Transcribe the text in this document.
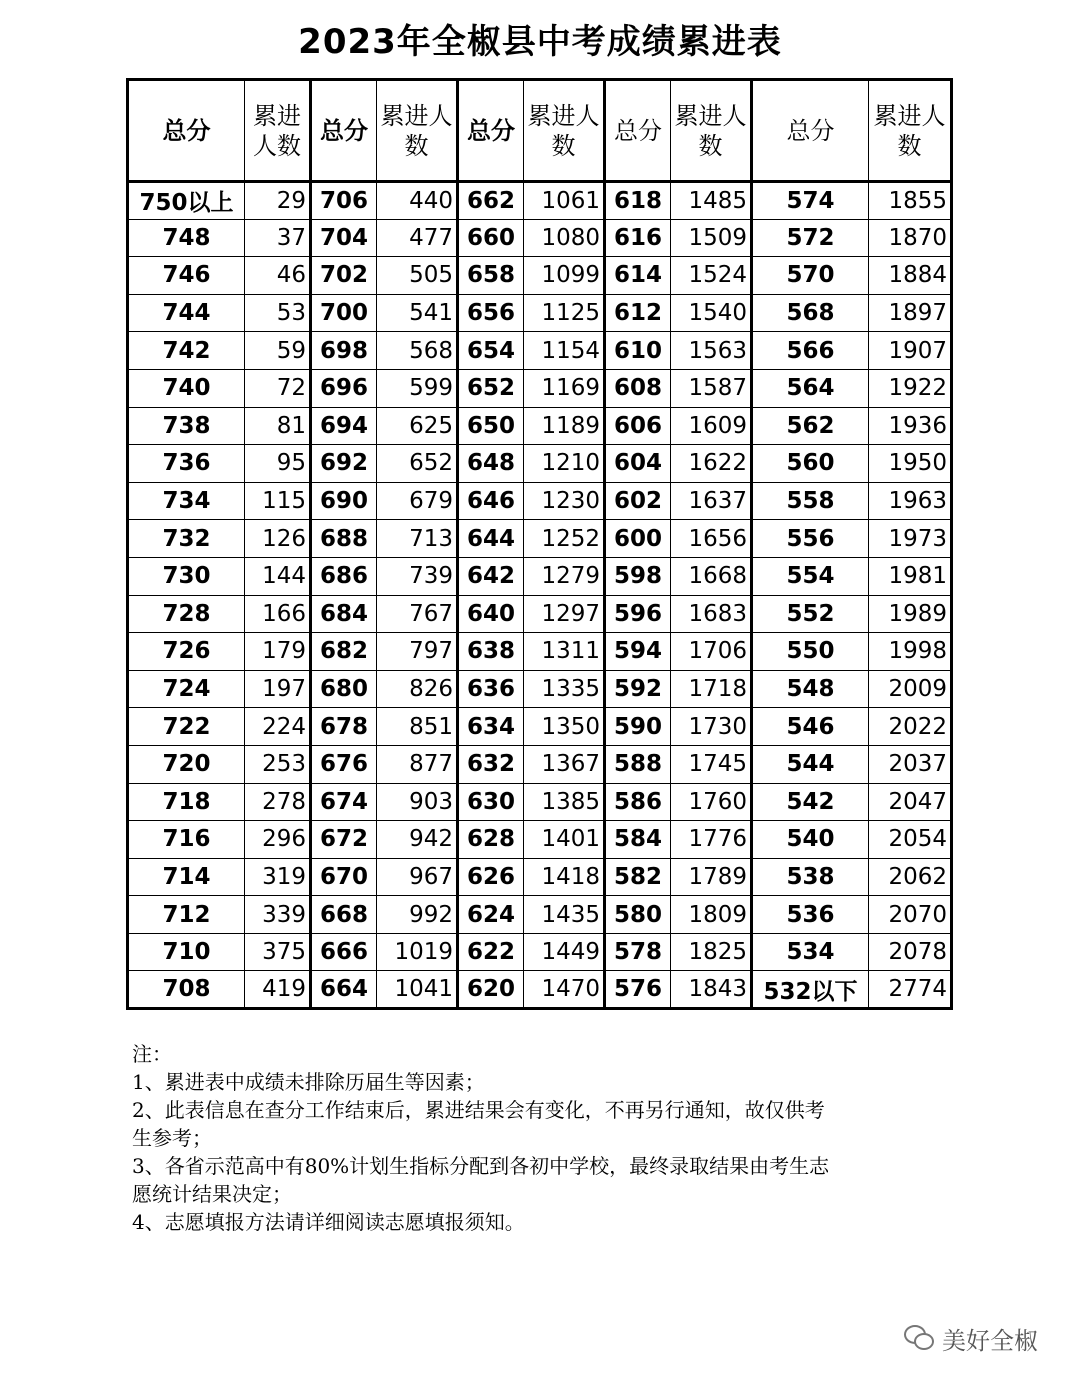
2023年全椒县中考成绩累进表
总分	累进人数	总分	累进人数	总分	累进人数	总分	累进人数	总分	累进人数
750以上	29	706	440	662	1061	618	1485	574	1855
748	37	704	477	660	1080	616	1509	572	1870
746	46	702	505	658	1099	614	1524	570	1884
744	53	700	541	656	1125	612	1540	568	1897
742	59	698	568	654	1154	610	1563	566	1907
740	72	696	599	652	1169	608	1587	564	1922
738	81	694	625	650	1189	606	1609	562	1936
736	95	692	652	648	1210	604	1622	560	1950
734	115	690	679	646	1230	602	1637	558	1963
732	126	688	713	644	1252	600	1656	556	1973
730	144	686	739	642	1279	598	1668	554	1981
728	166	684	767	640	1297	596	1683	552	1989
726	179	682	797	638	1311	594	1706	550	1998
724	197	680	826	636	1335	592	1718	548	2009
722	224	678	851	634	1350	590	1730	546	2022
720	253	676	877	632	1367	588	1745	544	2037
718	278	674	903	630	1385	586	1760	542	2047
716	296	672	942	628	1401	584	1776	540	2054
714	319	670	967	626	1418	582	1789	538	2062
712	339	668	992	624	1435	580	1809	536	2070
710	375	666	1019	622	1449	578	1825	534	2078
708	419	664	1041	620	1470	576	1843	532以下	2774
注：
1、累进表中成绩未排除历届生等因素；
2、此表信息在查分工作结束后，累进结果会有变化，不再另行通知，故仅供考
生参考；
3、各省示范高中有80%计划生指标分配到各初中学校，最终录取结果由考生志
愿统计结果决定；
4、志愿填报方法请详细阅读志愿填报须知。
美好全椒
